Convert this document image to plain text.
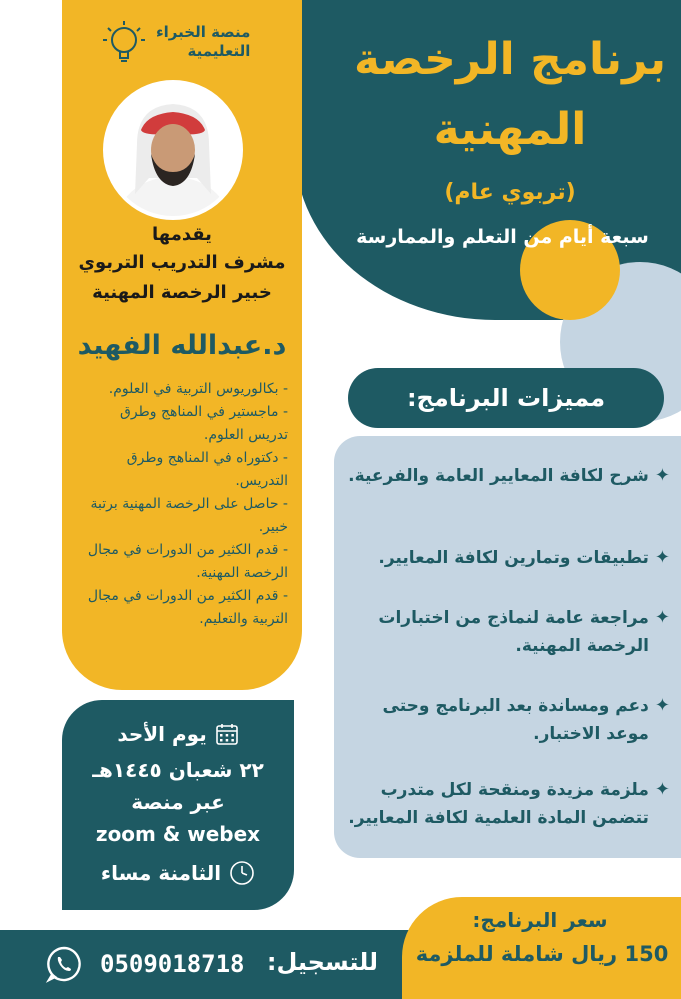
منصة الخبراء
التعليمية برنامج الرخصة
المهنية
(تربوي عام)
سبعة أيام من التعلم والممارسة
يقدمها
مشرف التدريب التربوي
خبير الرخصة المهنية
د.عبدالله الفهيد
- بكالوريوس التربية في العلوم.
- ماجستير في المناهج وطرق تدريس العلوم.
- دكتوراه في المناهج وطرق التدريس.
- حاصل على الرخصة المهنية برتبة خبير.
- قدم الكثير من الدورات في مجال الرخصة المهنية.
- قدم الكثير من الدورات في مجال التربية والتعليم.
مميزات البرنامج:
✦
شرح لكافة المعايير العامة والفرعية.
✦
تطبيقات وتمارين لكافة المعايير.
✦
مراجعة عامة لنماذج من اختبارات الرخصة المهنية.
✦
دعم ومساندة بعد البرنامج وحتى موعد الاختبار.
✦
ملزمة مزيدة ومنقحة لكل متدرب تتضمن المادة العلمية لكافة المعايير.
يوم الأحد
٢٢ شعبان ١٤٤٥هـ
عبر منصة
zoom & webex
الثامنة مساء
سعر البرنامج:
150 ريال شاملة للملزمة
للتسجيل:
0509018718
